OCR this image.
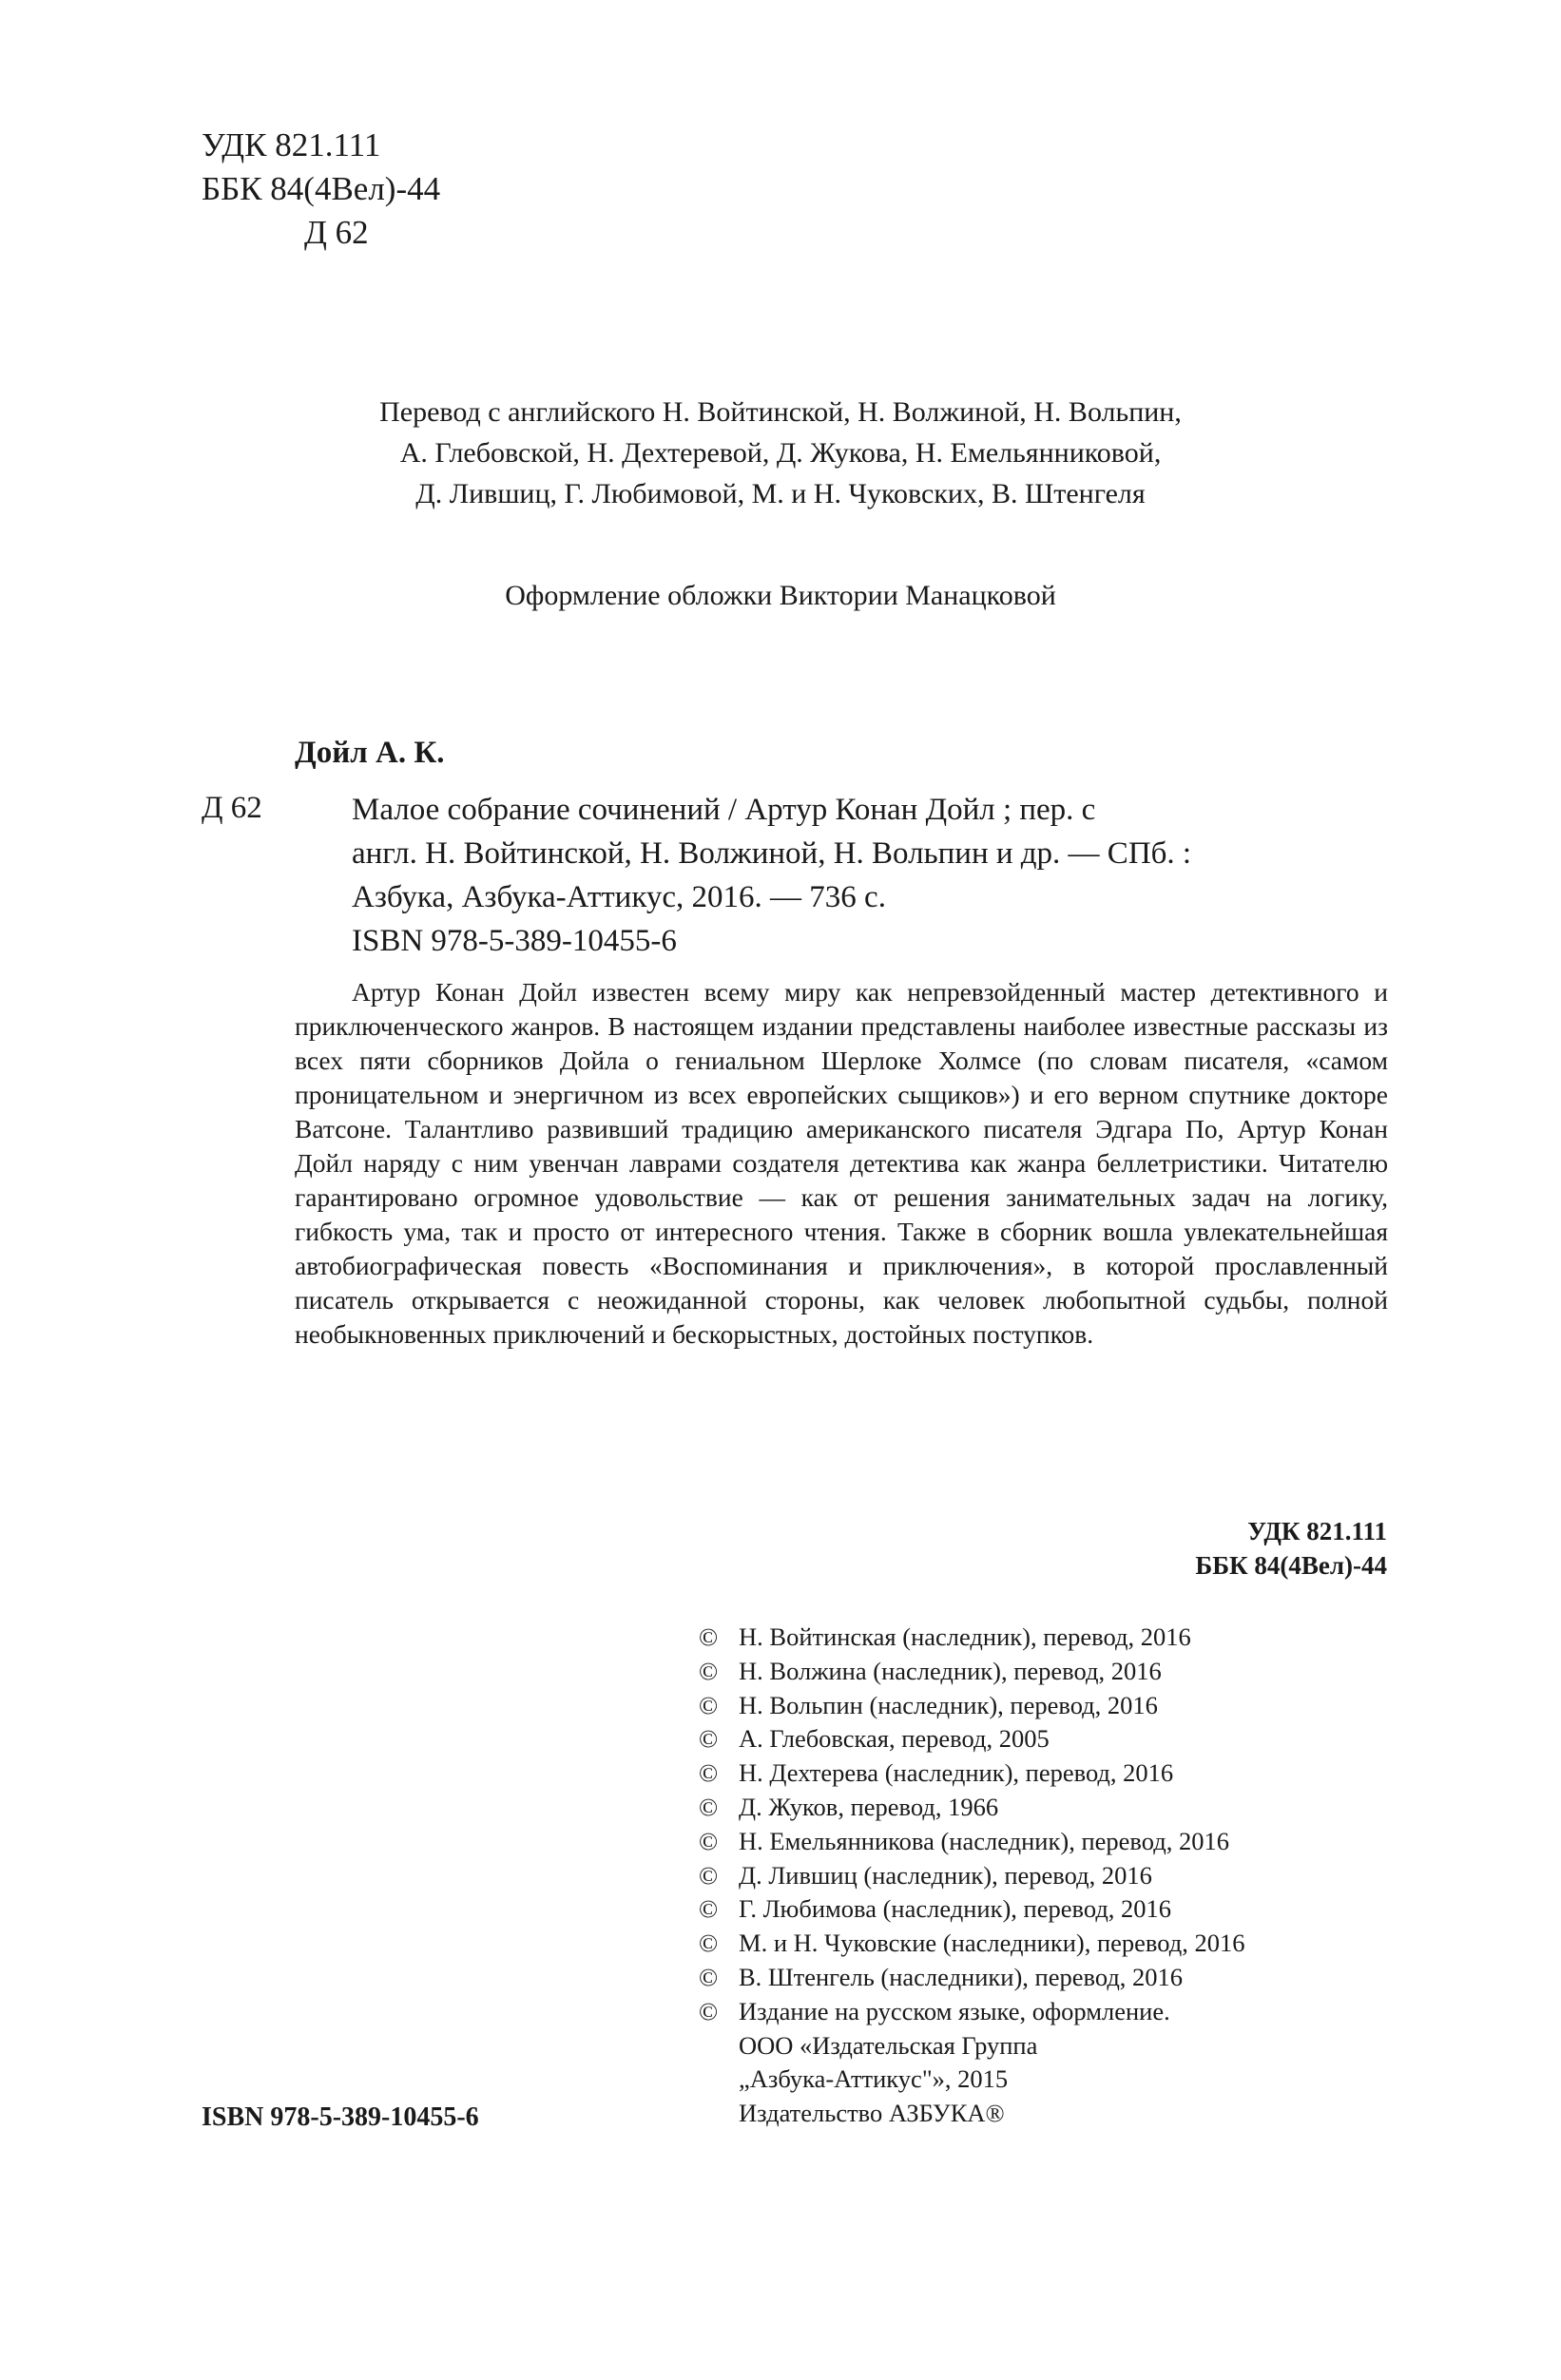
УДК 821.111
ББК 84(4Вел)-44
Д 62
Перевод с английского Н. Войтинской, Н. Волжиной, Н. Вольпин,
А. Глебовской, Н. Дехтеревой, Д. Жукова, Н. Емельянниковой,
Д. Лившиц, Г. Любимовой, М. и Н. Чуковских, В. Штенгеля
Оформление обложки Виктории Манацковой
Дойл А. К.
Д 62	Малое собрание сочинений / Артур Конан Дойл ; пер. с
англ. Н. Войтинской, Н. Волжиной, Н. Вольпин и др. — СПб. :
Азбука, Азбука-Аттикус, 2016. — 736 с.
ISBN 978-5-389-10455-6
Артур Конан Дойл известен всему миру как непревзойденный мастер детективного и приключенческого жанров. В настоящем издании представлены наиболее известные рассказы из всех пяти сборников Дойла о гениальном Шерлоке Холмсе (по словам писателя, «самом проницательном и энергичном из всех европейских сыщиков») и его верном спутнике докторе Ватсоне. Талантливо развивший традицию американского писателя Эдгара По, Артур Конан Дойл наряду с ним увенчан лаврами создателя детектива как жанра беллетристики. Читателю гарантировано огромное удовольствие — как от решения занимательных задач на логику, гибкость ума, так и просто от интересного чтения. Также в сборник вошла увлекательнейшая автобиографическая повесть «Воспоминания и приключения», в которой прославленный писатель открывается с неожиданной стороны, как человек любопытной судьбы, полной необыкновенных приключений и бескорыстных, достойных поступков.
УДК 821.111
ББК 84(4Вел)-44
© Н. Войтинская (наследник), перевод, 2016
© Н. Волжина (наследник), перевод, 2016
© Н. Вольпин (наследник), перевод, 2016
© А. Глебовская, перевод, 2005
© Н. Дехтерева (наследник), перевод, 2016
© Д. Жуков, перевод, 1966
© Н. Емельянникова (наследник), перевод, 2016
© Д. Лившиц (наследник), перевод, 2016
© Г. Любимова (наследник), перевод, 2016
© М. и Н. Чуковские (наследники), перевод, 2016
© В. Штенгель (наследники), перевод, 2016
© Издание на русском языке, оформление.
ООО «Издательская Группа
„Азбука-Аттикус"», 2015
Издательство АЗБУКА®
ISBN 978-5-389-10455-6
